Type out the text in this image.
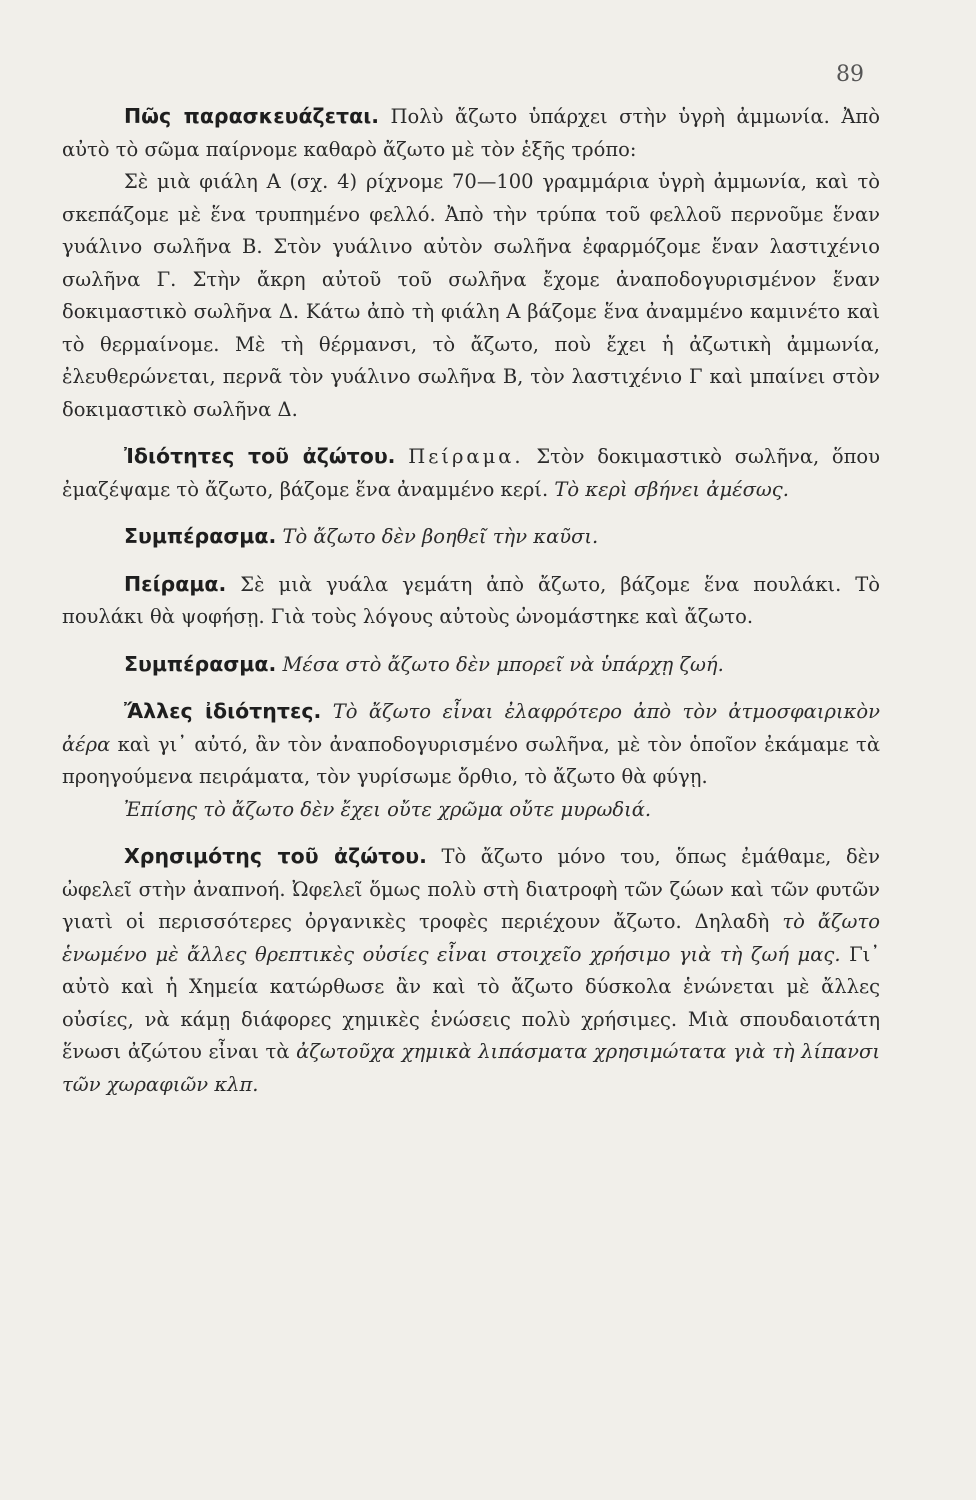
89

Πῶς παρασκευάζεται. Πολὺ ἄζωτο ὑπάρχει στὴν ὑγρὴ ἀμμωνία. Ἀπὸ αὐτὸ τὸ σῶμα παίρνομε καθαρὸ ἄζωτο μὲ τὸν ἑξῆς τρόπο:

Σὲ μιὰ φιάλη Α (σχ. 4) ρίχνομε 70—100 γραμμάρια ὑγρὴ ἀμμωνία, καὶ τὸ σκεπάζομε μὲ ἕνα τρυπημένο φελλό. Ἀπὸ τὴν τρύπα τοῦ φελλοῦ περνοῦμε ἕναν γυάλινο σωλῆνα Β. Στὸν γυάλινο αὐτὸν σωλῆνα ἐφαρμόζομε ἕναν λαστιχένιο σωλῆνα Γ. Στὴν ἄκρη αὐτοῦ τοῦ σωλῆνα ἔχομε ἀναποδογυρισμένον ἕναν δοκιμαστικὸ σωλῆνα Δ. Κάτω ἀπὸ τὴ φιάλη Α βάζομε ἕνα ἀναμμένο καμινέτο καὶ τὸ θερμαίνομε. Μὲ τὴ θέρμανσι, τὸ ἄζωτο, ποὺ ἔχει ἡ ἀζωτικὴ ἀμμωνία, ἐλευθερώνεται, περνᾶ τὸν γυάλινο σωλῆνα Β, τὸν λαστιχένιο Γ καὶ μπαίνει στὸν δοκιμαστικὸ σωλῆνα Δ.

Ἰδιότητες τοῦ ἀζώτου. Πείραμα. Στὸν δοκιμαστικὸ σωλῆνα, ὅπου ἐμαζέψαμε τὸ ἄζωτο, βάζομε ἕνα ἀναμμένο κερί. Τὸ κερὶ σβήνει ἀμέσως.

Συμπέρασμα. Τὸ ἄζωτο δὲν βοηθεῖ τὴν καῦσι.

Πείραμα. Σὲ μιὰ γυάλα γεμάτη ἀπὸ ἄζωτο, βάζομε ἕνα πουλάκι. Τὸ πουλάκι θὰ ψοφήσῃ. Γιὰ τοὺς λόγους αὐτοὺς ὠνομάστηκε καὶ ἄζωτο.

Συμπέρασμα. Μέσα στὸ ἄζωτο δὲν μπορεῖ νὰ ὑπάρχῃ ζωή.

Ἄλλες ἰδιότητες. Τὸ ἄζωτο εἶναι ἐλαφρότερο ἀπὸ τὸν ἀτμοσφαιρικὸν ἀέρα καὶ γι᾿ αὐτό, ἂν τὸν ἀναποδογυρισμένο σωλῆνα, μὲ τὸν ὁποῖον ἐκάμαμε τὰ προηγούμενα πειράματα, τὸν γυρίσωμε ὄρθιο, τὸ ἄζωτο θὰ φύγῃ.

Ἐπίσης τὸ ἄζωτο δὲν ἔχει οὔτε χρῶμα οὔτε μυρωδιά.

Χρησιμότης τοῦ ἀζώτου. Τὸ ἄζωτο μόνο του, ὅπως ἐμάθαμε, δὲν ὠφελεῖ στὴν ἀναπνοή. Ὠφελεῖ ὅμως πολὺ στὴ διατροφὴ τῶν ζώων καὶ τῶν φυτῶν γιατὶ οἱ περισσότερες ὀργανικὲς τροφὲς περιέχουν ἄζωτο. Δηλαδὴ τὸ ἄζωτο ἑνωμένο μὲ ἄλλες θρεπτικὲς οὐσίες εἶναι στοιχεῖο χρήσιμο γιὰ τὴ ζωή μας. Γι᾿ αὐτὸ καὶ ἡ Χημεία κατώρθωσε ἂν καὶ τὸ ἄζωτο δύσκολα ἑνώνεται μὲ ἄλλες οὐσίες, νὰ κάμῃ διάφορες χημικὲς ἑνώσεις πολὺ χρήσιμες. Μιὰ σπουδαιοτάτη ἕνωσι ἀζώτου εἶναι τὰ ἀζωτοῦχα χημικὰ λιπάσματα χρησιμώτατα γιὰ τὴ λίπανσι τῶν χωραφιῶν κλπ.
